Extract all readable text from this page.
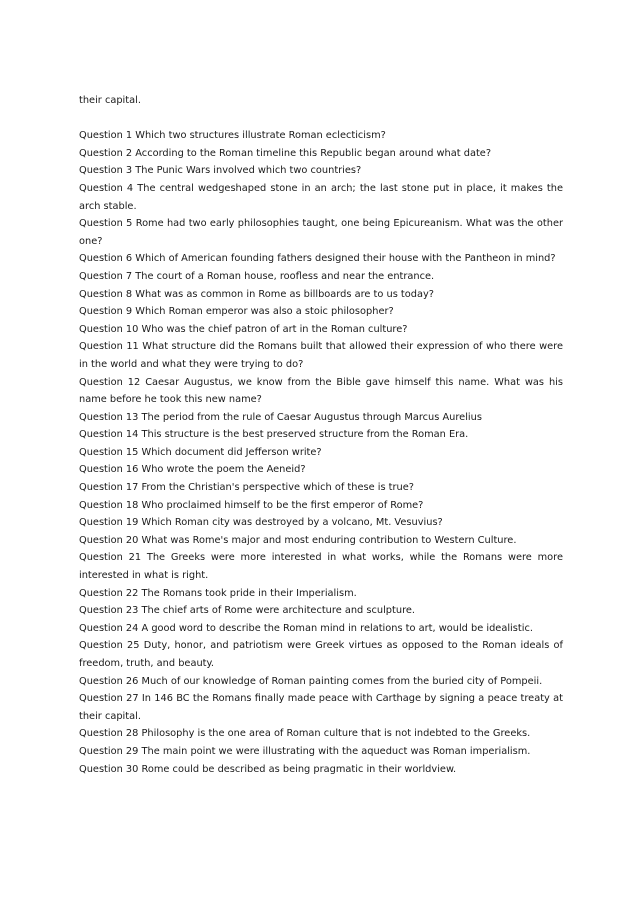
their capital.

Question 1 Which two structures illustrate Roman eclecticism?

Question 2 According to the Roman timeline this Republic began around what date?

Question 3 The Punic Wars involved which two countries?

Question 4 The central wedgeshaped stone in an arch; the last stone put in place, it makes the arch stable.

Question 5 Rome had two early philosophies taught, one being Epicureanism. What was the other one?

Question 6 Which of American founding fathers designed their house with the Pantheon in mind?

Question 7 The court of a Roman house, roofless and near the entrance.

Question 8 What was as common in Rome as billboards are to us today?

Question 9 Which Roman emperor was also a stoic philosopher?

Question 10 Who was the chief patron of art in the Roman culture?

Question 11 What structure did the Romans built that allowed their expression of who there were in the world and what they were trying to do?

Question 12 Caesar Augustus, we know from the Bible gave himself this name. What was his name before he took this new name?

Question 13 The period from the rule of Caesar Augustus through Marcus Aurelius

Question 14 This structure is the best preserved structure from the Roman Era.

Question 15 Which document did Jefferson write?

Question 16 Who wrote the poem the Aeneid?

Question 17 From the Christian's perspective which of these is true?

Question 18 Who proclaimed himself to be the first emperor of Rome?

Question 19 Which Roman city was destroyed by a volcano, Mt. Vesuvius?

Question 20 What was Rome's major and most enduring contribution to Western Culture.

Question 21 The Greeks were more interested in what works, while the Romans were more interested in what is right.

Question 22 The Romans took pride in their Imperialism.

Question 23 The chief arts of Rome were architecture and sculpture.

Question 24 A good word to describe the Roman mind in relations to art, would be idealistic.

Question 25 Duty, honor, and patriotism were Greek virtues as opposed to the Roman ideals of freedom, truth, and beauty.

Question 26 Much of our knowledge of Roman painting comes from the buried city of Pompeii.

Question 27 In 146 BC the Romans finally made peace with Carthage by signing a peace treaty at their capital.

Question 28 Philosophy is the one area of Roman culture that is not indebted to the Greeks.

Question 29 The main point we were illustrating with the aqueduct was Roman imperialism.

Question 30 Rome could be described as being pragmatic in their worldview.
